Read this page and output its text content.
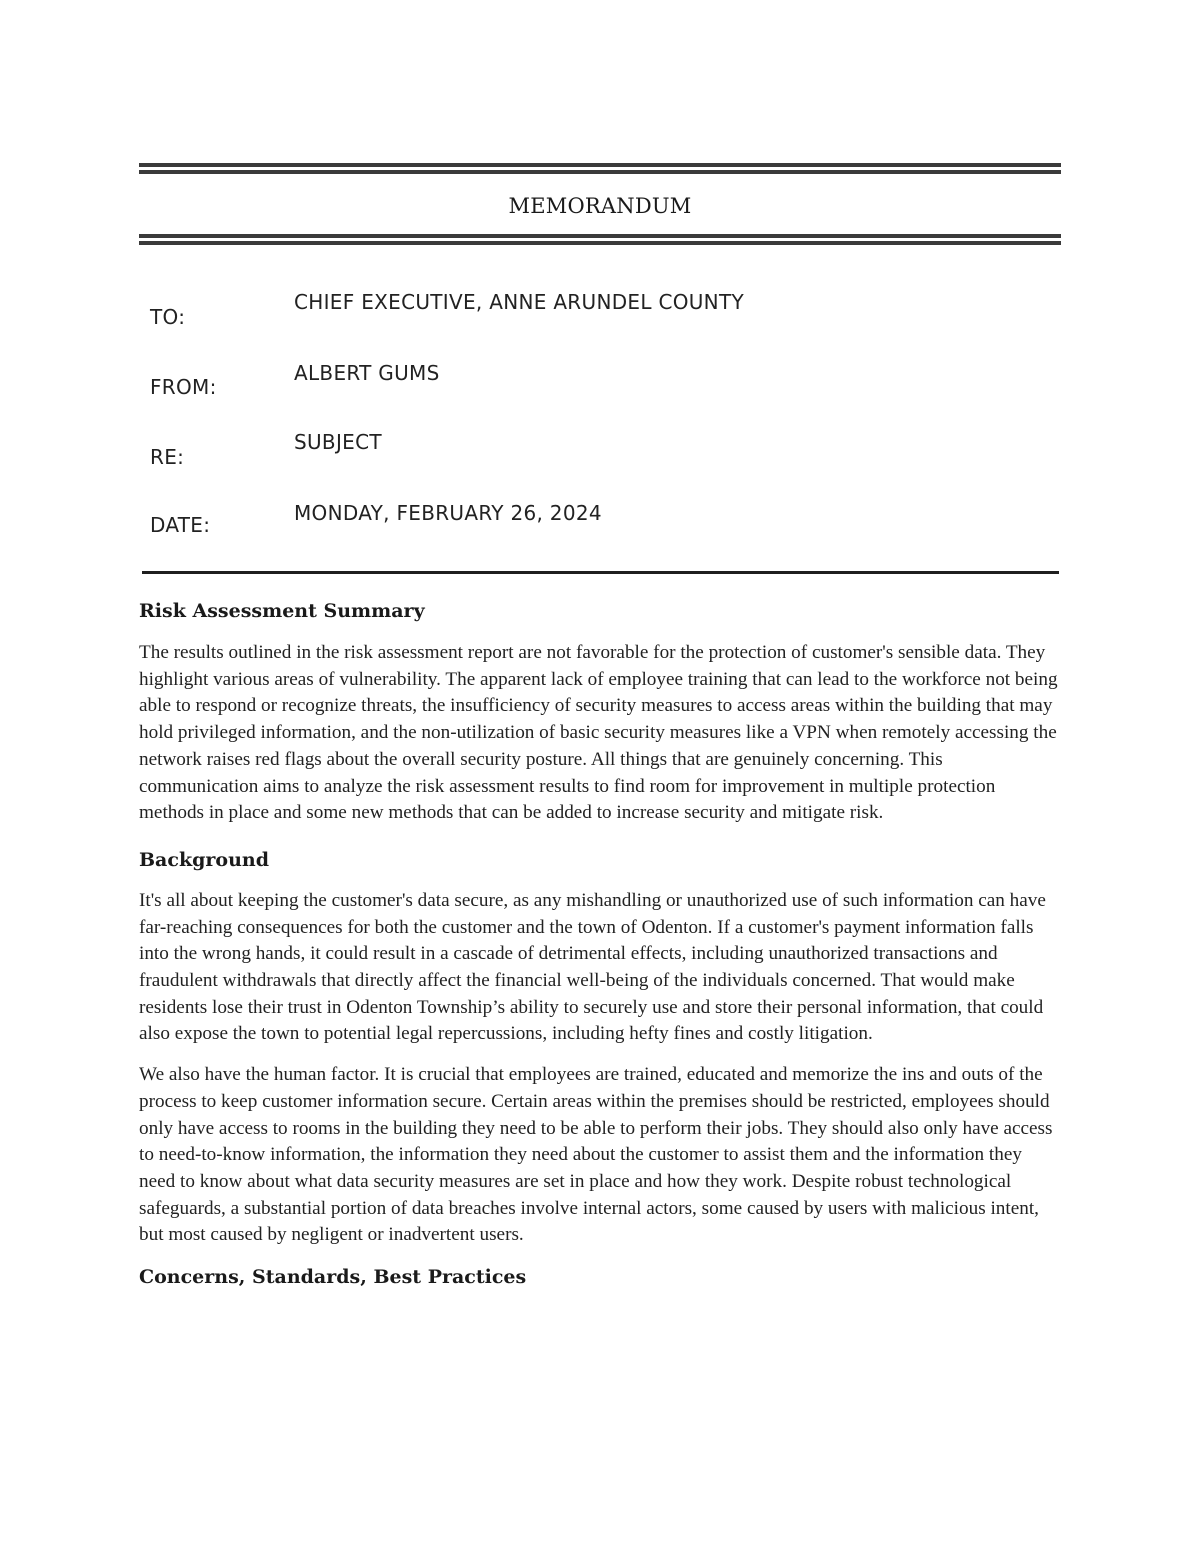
MEMORANDUM
TO:
CHIEF EXECUTIVE, ANNE ARUNDEL COUNTY
FROM:
ALBERT GUMS
RE:
SUBJECT
DATE:	MONDAY, FEBRUARY 26, 2024
Risk Assessment Summary

The results outlined in the risk assessment report are not favorable for the protection of customer's sensible data. They highlight various areas of vulnerability. The apparent lack of employee training that can lead to the workforce not being able to respond or recognize threats, the insufficiency of security measures to access areas within the building that may hold privileged information, and the non-utilization of basic security measures like a VPN when remotely accessing the network raises red flags about the overall security posture. All things that are genuinely concerning. This communication aims to analyze the risk assessment results to find room for improvement in multiple protection methods in place and some new methods that can be added to increase security and mitigate risk.

Background

It's all about keeping the customer's data secure, as any mishandling or unauthorized use of such information can have far-reaching consequences for both the customer and the town of Odenton. If a customer's payment information falls into the wrong hands, it could result in a cascade of detrimental effects, including unauthorized transactions and fraudulent withdrawals that directly affect the financial well-being of the individuals concerned. That would make residents lose their trust in Odenton Township’s ability to securely use and store their personal information, that could also expose the town to potential legal repercussions, including hefty fines and costly litigation.

We also have the human factor. It is crucial that employees are trained, educated and memorize the ins and outs of the process to keep customer information secure. Certain areas within the premises should be restricted, employees should only have access to rooms in the building they need to be able to perform their jobs. They should also only have access to need-to-know information, the information they need about the customer to assist them and the information they need to know about what data security measures are set in place and how they work. Despite robust technological safeguards, a substantial portion of data breaches involve internal actors, some caused by users with malicious intent, but most caused by negligent or inadvertent users.

Concerns, Standards, Best Practices
